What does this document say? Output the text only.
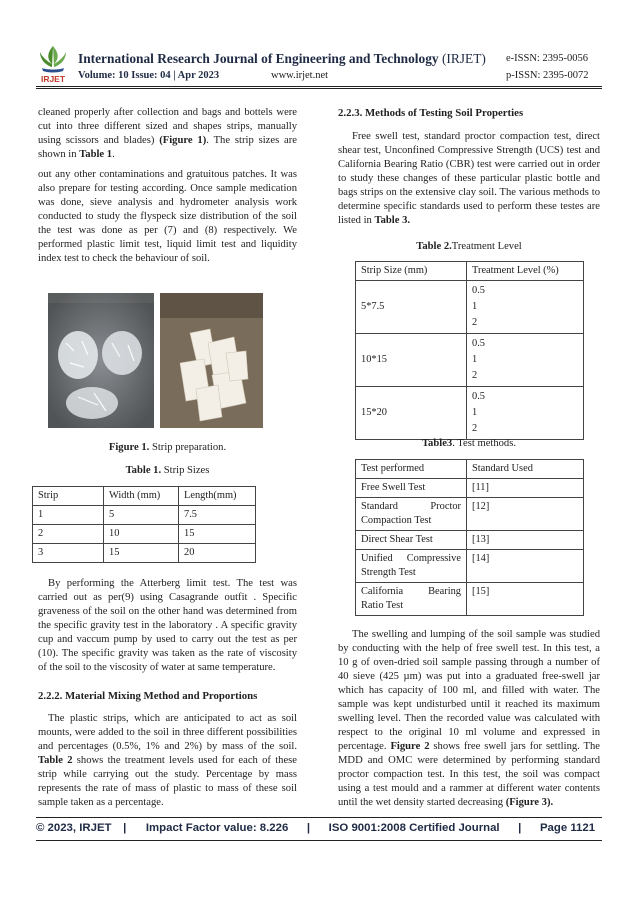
IRJET
International Research Journal of Engineering and Technology (IRJET) e-ISSN: 2395-0056
Volume: 10 Issue: 04 | Apr 2023	www.irjet.net	p-ISSN: 2395-0072

cleaned properly after collection and bags and bottels were cut into three different sized and shapes strips, manually using scissors and blades) (Figure 1). The strip sizes are shown in Table 1.

out any other contaminations and gratuitous patches. It was also prepare for testing according. Once sample medication was done, sieve analysis and hydrometer analysis work conducted to study the flyspeck size distribution of the soil the test was done as per (7) and (8) respectively. We performed plastic limit test, liquid limit test and liquidity index test to check the behaviour of soil.

Figure 1. Strip preparation.
Table 1. Strip Sizes
Strip	Width (mm)	Length(mm)
1	5	7.5
2	10	15
3	15	20

By performing the Atterberg limit test. The test was carried out as per(9) using Casagrande outfit . Specific graveness of the soil on the other hand was determined from the specific gravity test in the laboratory . A specific gravity cup and vaccum pump by used to carry out the test as per (10). The specific gravity was taken as the rate of viscosity of the soil to the viscosity of water at same temperature.

2.2.2. Material Mixing Method and Proportions

The plastic strips, which are anticipated to act as soil mounts, were added to the soil in three different possibilities and percentages (0.5%, 1% and 2%) by mass of the soil. Table 2 shows the treatment levels used for each of these strip while carrying out the study. Percentage by mass represents the rate of mass of plastic to mass of these soil sample taken as a percentage.

2.2.3. Methods of Testing Soil Properties

Free swell test, standard proctor compaction test, direct shear test, Unconfined Compressive Strength (UCS) test and California Bearing Ratio (CBR) test were carried out in order to study these changes of these particular plastic bottle and bags strips on the extensive clay soil. The various methods to determine specific standards used to perform these testes are listed in Table 3.

Table 2.Treatment Level
Strip Size (mm)	Treatment Level (%)
5*7.5	0.5
1
2

10*15	0.5
1
2

15*20	0.5
1
2
Table3. Test methods.
Test performed	Standard Used
Free Swell Test	[11]
Standard Proctor Compaction Test	[12]
Direct Shear Test	[13]
Unified Compressive Strength Test	[14]
California Bearing Ratio Test	[15]

The swelling and lumping of the soil sample was studied by conducting with the help of free swell test. In this test, a 10 g of oven-dried soil sample passing through a number of 40 sieve (425 µm) was put into a graduated free-swell jar which has capacity of 100 ml, and filled with water. The sample was kept undisturbed until it reached its maximum swelling level. Then the recorded value was calculated with respect to the original 10 ml volume and expressed in percentage. Figure 2 shows free swell jars for settling. The MDD and OMC were determined by performing standard proctor compaction test. In this test, the soil was compact using a test mould and a rammer at different water contents until the wet density started decreasing (Figure 3).

© 2023, IRJET | Impact Factor value: 8.226 | ISO 9001:2008 Certified Journal | Page 1121
